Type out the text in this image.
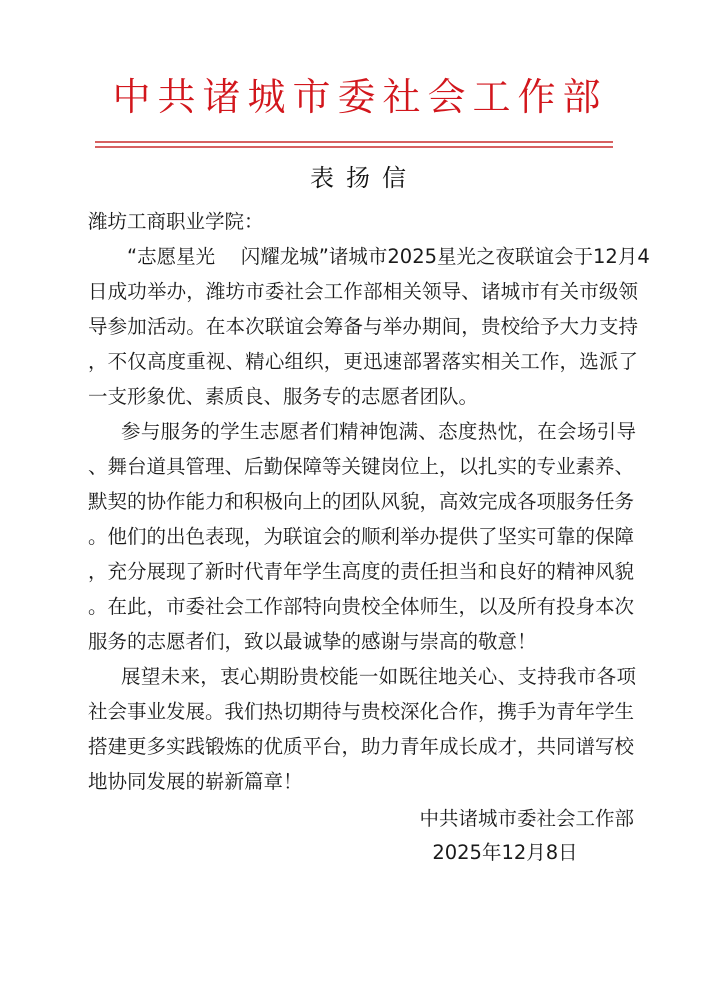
中共诸城市委社会工作部
表扬信
潍坊工商职业学院：
“志愿星光　 闪耀龙城”诸城市2025星光之夜联谊会于12月4
日成功举办，潍坊市委社会工作部相关领导、诸城市有关市级领
导参加活动。在本次联谊会筹备与举办期间，贵校给予大力支持
，不仅高度重视、精心组织，更迅速部署落实相关工作，选派了
一支形象优、素质良、服务专的志愿者团队。
参与服务的学生志愿者们精神饱满、态度热忱，在会场引导
、舞台道具管理、后勤保障等关键岗位上，以扎实的专业素养、
默契的协作能力和积极向上的团队风貌，高效完成各项服务任务
。他们的出色表现，为联谊会的顺利举办提供了坚实可靠的保障
，充分展现了新时代青年学生高度的责任担当和良好的精神风貌
。在此，市委社会工作部特向贵校全体师生，以及所有投身本次
服务的志愿者们，致以最诚挚的感谢与崇高的敬意！
展望未来，衷心期盼贵校能一如既往地关心、支持我市各项
社会事业发展。我们热切期待与贵校深化合作，携手为青年学生
搭建更多实践锻炼的优质平台，助力青年成长成才，共同谱写校
地协同发展的崭新篇章！
中共诸城市委社会工作部
2025年12月8日
